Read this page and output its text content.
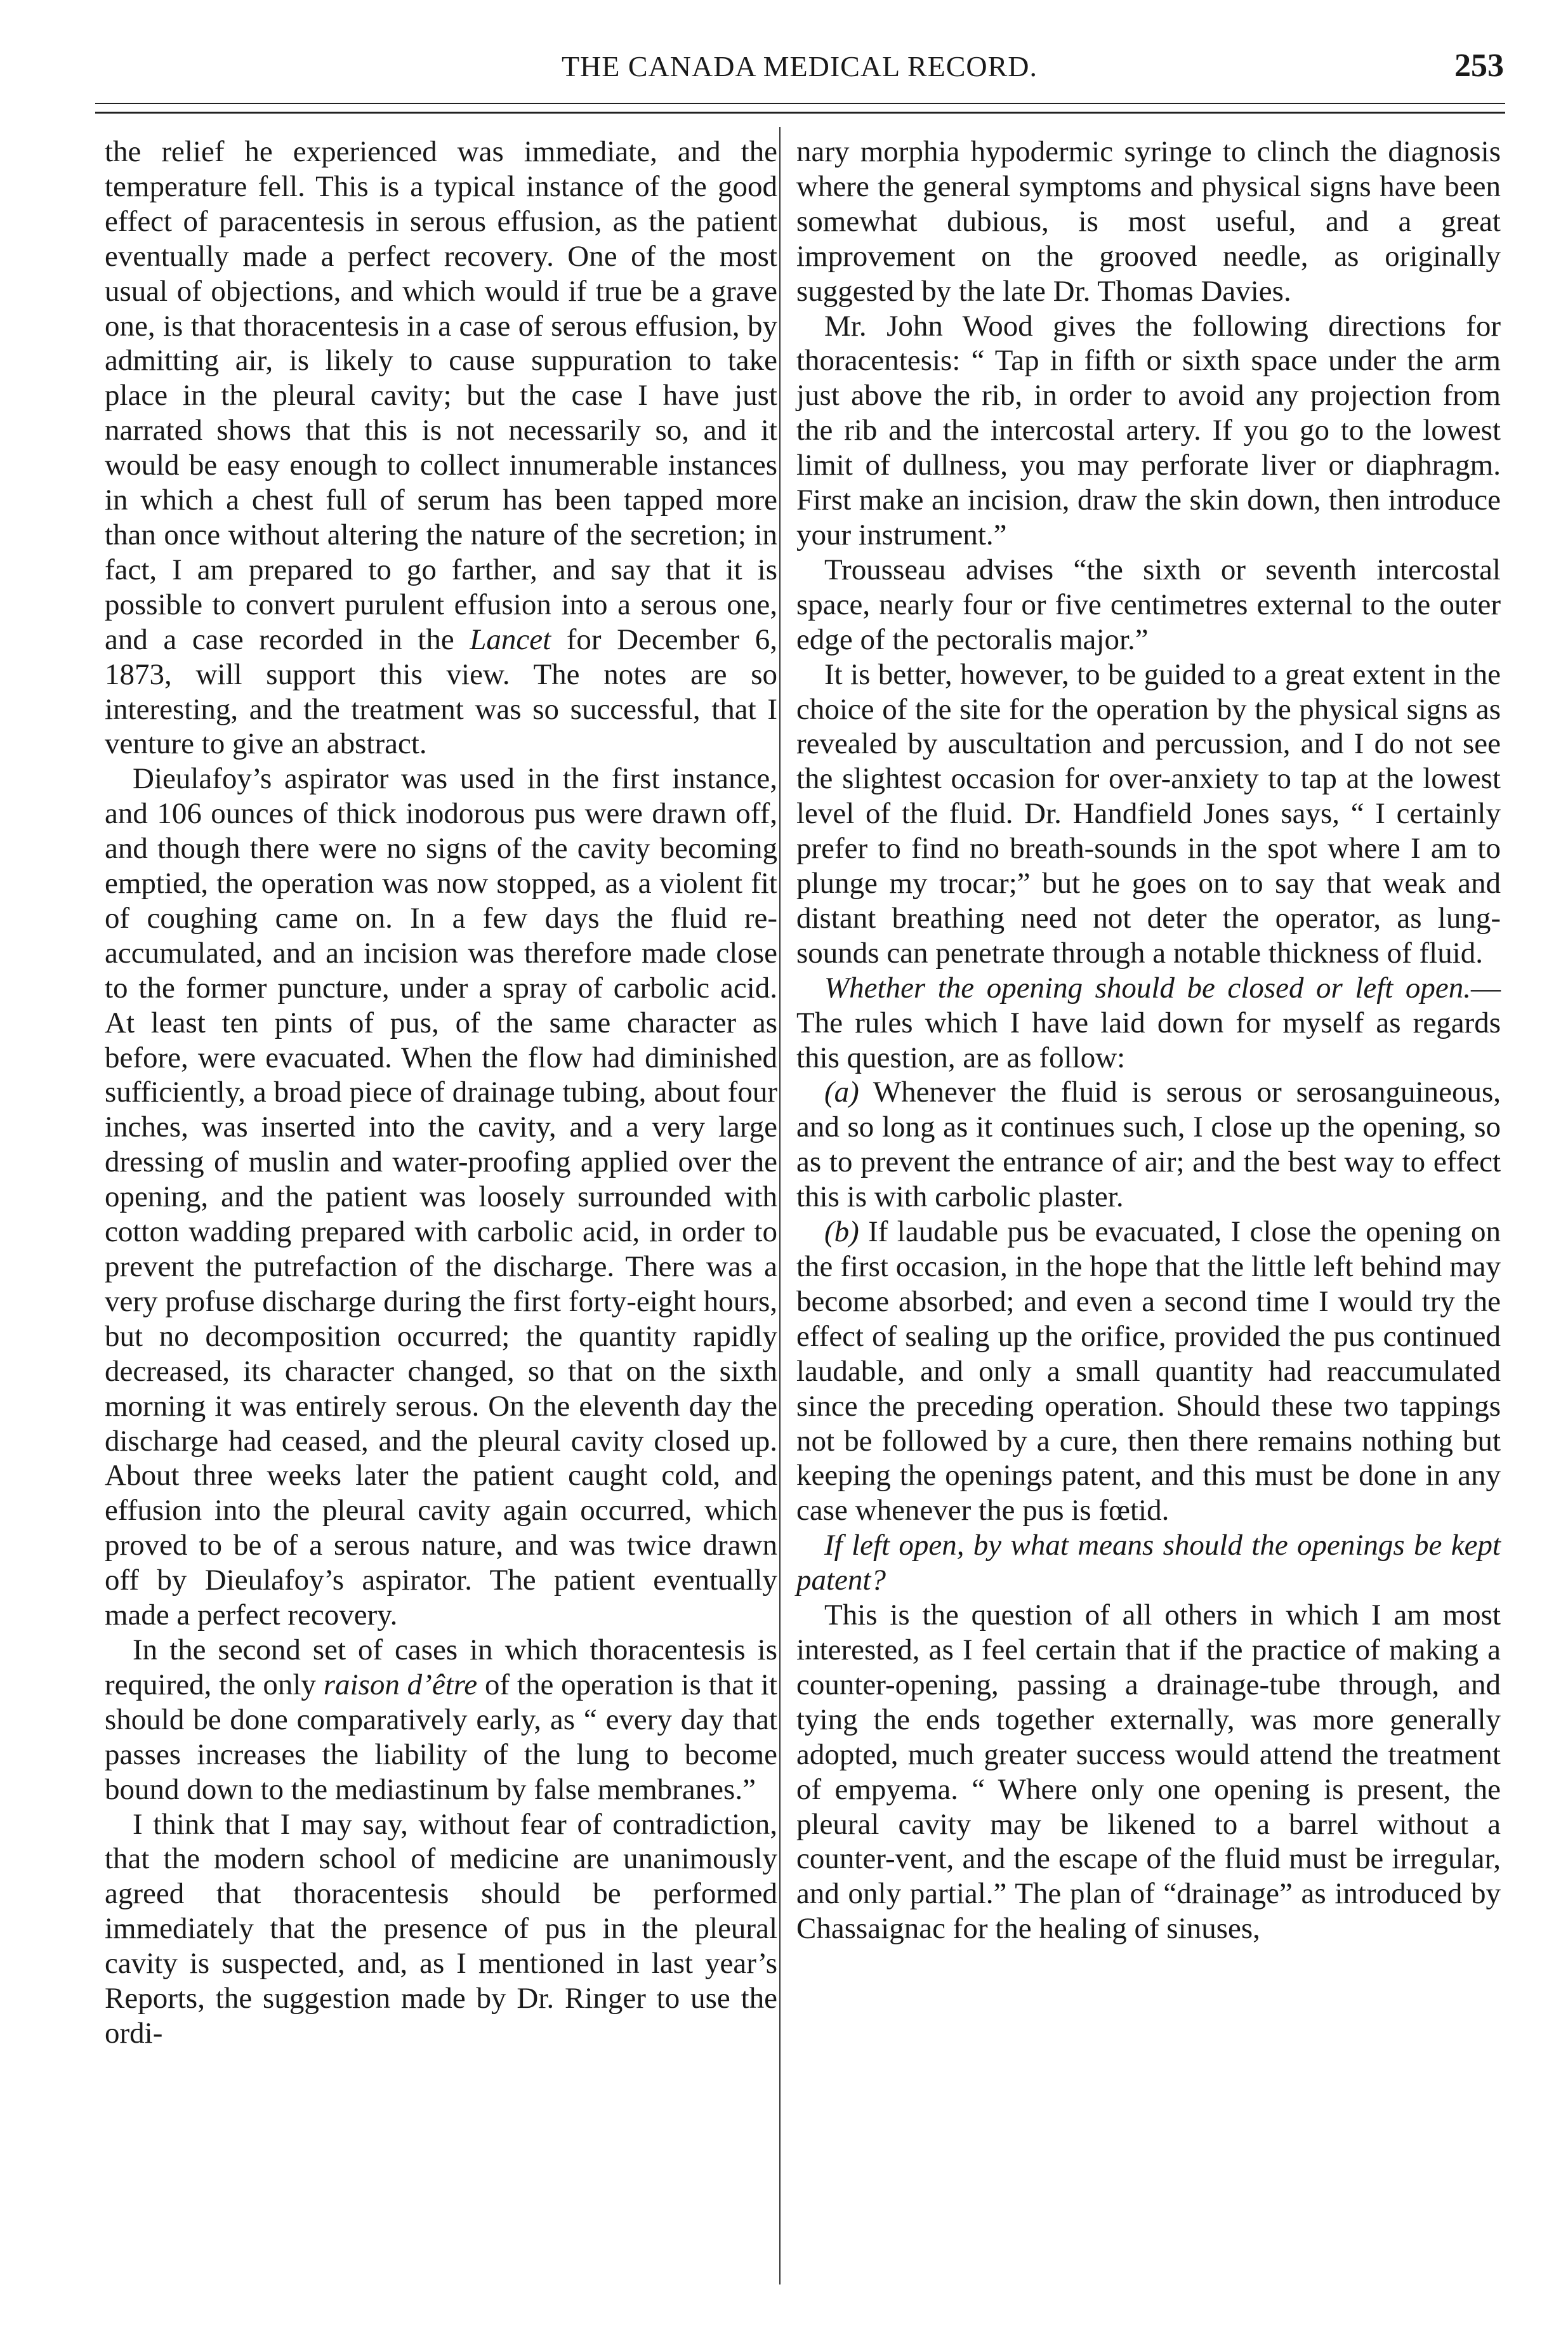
THE CANADA MEDICAL RECORD.	253

the relief he experienced was immediate, and the temperature fell. This is a typical instance of the good effect of paracentesis in serous effusion, as the patient eventually made a perfect recovery. One of the most usual of objections, and which would if true be a grave one, is that thoracentesis in a case of serous effusion, by admitting air, is likely to cause suppuration to take place in the pleural cavity; but the case I have just narrated shows that this is not necessarily so, and it would be easy enough to collect innumerable instances in which a chest full of serum has been tapped more than once without altering the nature of the secretion; in fact, I am prepared to go farther, and say that it is possible to convert purulent effusion into a serous one, and a case recorded in the Lancet for December 6, 1873, will support this view. The notes are so interesting, and the treatment was so successful, that I venture to give an abstract.

Dieulafoy’s aspirator was used in the first instance, and 106 ounces of thick inodorous pus were drawn off, and though there were no signs of the cavity becoming emptied, the operation was now stopped, as a violent fit of coughing came on. In a few days the fluid re-accumulated, and an incision was therefore made close to the former puncture, under a spray of carbolic acid. At least ten pints of pus, of the same character as before, were evacuated. When the flow had diminished sufficiently, a broad piece of drainage tubing, about four inches, was inserted into the cavity, and a very large dressing of muslin and water-proofing applied over the opening, and the patient was loosely surrounded with cotton wadding prepared with carbolic acid, in order to prevent the putrefaction of the discharge. There was a very profuse discharge during the first forty-eight hours, but no decomposition occurred; the quantity rapidly decreased, its character changed, so that on the sixth morning it was entirely serous. On the eleventh day the discharge had ceased, and the pleural cavity closed up. About three weeks later the patient caught cold, and effusion into the pleural cavity again occurred, which proved to be of a serous nature, and was twice drawn off by Dieulafoy’s aspirator. The patient eventually made a perfect recovery.

In the second set of cases in which thoracentesis is required, the only raison d’être of the operation is that it should be done comparatively early, as “ every day that passes increases the liability of the lung to become bound down to the mediastinum by false membranes.”

I think that I may say, without fear of contradiction, that the modern school of medicine are unanimously agreed that thoracentesis should be performed immediately that the presence of pus in the pleural cavity is suspected, and, as I mentioned in last year’s Reports, the suggestion made by Dr. Ringer to use the ordi-

nary morphia hypodermic syringe to clinch the diagnosis where the general symptoms and physical signs have been somewhat dubious, is most useful, and a great improvement on the grooved needle, as originally suggested by the late Dr. Thomas Davies.

Mr. John Wood gives the following directions for thoracentesis: “ Tap in fifth or sixth space under the arm just above the rib, in order to avoid any projection from the rib and the intercostal artery. If you go to the lowest limit of dullness, you may perforate liver or diaphragm. First make an incision, draw the skin down, then introduce your instrument.”

Trousseau advises “the sixth or seventh intercostal space, nearly four or five centimetres external to the outer edge of the pectoralis major.”

It is better, however, to be guided to a great extent in the choice of the site for the operation by the physical signs as revealed by auscultation and percussion, and I do not see the slightest occasion for over-anxiety to tap at the lowest level of the fluid. Dr. Handfield Jones says, “ I certainly prefer to find no breath-sounds in the spot where I am to plunge my trocar;” but he goes on to say that weak and distant breathing need not deter the operator, as lung-sounds can penetrate through a notable thickness of fluid.

Whether the opening should be closed or left open.—The rules which I have laid down for myself as regards this question, are as follow:

(a) Whenever the fluid is serous or serosanguineous, and so long as it continues such, I close up the opening, so as to prevent the entrance of air; and the best way to effect this is with carbolic plaster.

(b) If laudable pus be evacuated, I close the opening on the first occasion, in the hope that the little left behind may become absorbed; and even a second time I would try the effect of sealing up the orifice, provided the pus continued laudable, and only a small quantity had reaccumulated since the preceding operation. Should these two tappings not be followed by a cure, then there remains nothing but keeping the openings patent, and this must be done in any case whenever the pus is fœtid.

If left open, by what means should the openings be kept patent?

This is the question of all others in which I am most interested, as I feel certain that if the practice of making a counter-opening, passing a drainage-tube through, and tying the ends together externally, was more generally adopted, much greater success would attend the treatment of empyema. “ Where only one opening is present, the pleural cavity may be likened to a barrel without a counter-vent, and the escape of the fluid must be irregular, and only partial.” The plan of “drainage” as introduced by Chassaignac for the healing of sinuses,
